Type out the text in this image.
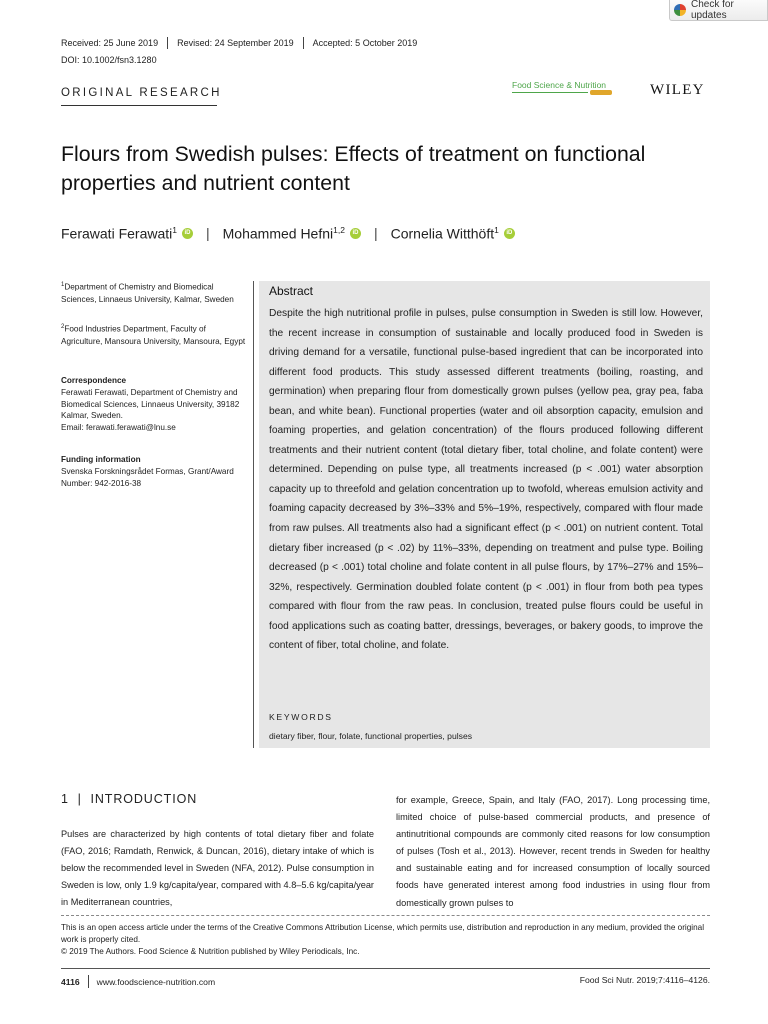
Check for updates
Received: 25 June 2019 Revised: 24 September 2019 Accepted: 5 October 2019
DOI: 10.1002/fsn3.1280
ORIGINAL RESEARCH
Food Science & Nutrition	WILEY
Flours from Swedish pulses: Effects of treatment on functional properties and nutrient content
Ferawati Ferawati$^1$	iD | Mohammed Hefni$^{1,2}$	iD | Cornelia Witthöft$^1$	iD
$^1$Department of Chemistry and Biomedical Sciences, Linnaeus University, Kalmar, Sweden
$^2$Food Industries Department, Faculty of Agriculture, Mansoura University, Mansoura, Egypt
Correspondence
Ferawati Ferawati, Department of Chemistry and Biomedical Sciences, Linnaeus University, 39182 Kalmar, Sweden.
Email: ferawati.ferawati@lnu.se
Funding information
Svenska Forskningsrådet Formas, Grant/Award Number: 942-2016-38
Abstract
Despite the high nutritional profile in pulses, pulse consumption in Sweden is still low. However, the recent increase in consumption of sustainable and locally produced food in Sweden is driving demand for a versatile, functional pulse-based ingredient that can be incorporated into different food products. This study assessed different treatments (boiling, roasting, and germination) when preparing flour from domestically grown pulses (yellow pea, gray pea, faba bean, and white bean). Functional properties (water and oil absorption capacity, emulsion and foaming properties, and gelation concentration) of the flours produced following different treatments and their nutrient content (total dietary fiber, total choline, and folate content) were determined. Depending on pulse type, all treatments increased (p < .001) water absorption capacity up to threefold and gelation concentration up to twofold, whereas emulsion activity and foaming capacity decreased by 3%–33% and 5%–19%, respectively, compared with flour made from raw pulses. All treatments also had a significant effect (p < .001) on nutrient content. Total dietary fiber increased (p < .02) by 11%–33%, depending on treatment and pulse type. Boiling decreased (p < .001) total choline and folate content in all pulse flours, by 17%–27% and 15%–32%, respectively. Germination doubled folate content (p < .001) in flour from both pea types compared with flour from the raw peas. In conclusion, treated pulse flours could be useful in food applications such as coating batter, dressings, beverages, or bakery goods, to improve the content of fiber, total choline, and folate.
KEYWORDS
dietary fiber, flour, folate, functional properties, pulses
1  |  INTRODUCTION
Pulses are characterized by high contents of total dietary fiber and folate (FAO, 2016; Ramdath, Renwick, & Duncan, 2016), dietary intake of which is below the recommended level in Sweden (NFA, 2012). Pulse consumption in Sweden is low, only 1.9 kg/capita/year, compared with 4.8–5.6 kg/capita/year in Mediterranean countries,
for example, Greece, Spain, and Italy (FAO, 2017). Long processing time, limited choice of pulse-based commercial products, and presence of antinutritional compounds are commonly cited reasons for low consumption of pulses (Tosh et al., 2013). However, recent trends in Sweden for healthy and sustainable eating and for increased consumption of locally sourced foods have generated interest among food industries in using flour from domestically grown pulses to
This is an open access article under the terms of the Creative Commons Attribution License, which permits use, distribution and reproduction in any medium, provided the original work is properly cited.
© 2019 The Authors. Food Science & Nutrition published by Wiley Periodicals, Inc.
4116 www.foodscience-nutrition.com	Food Sci Nutr. 2019;7:4116–4126.
